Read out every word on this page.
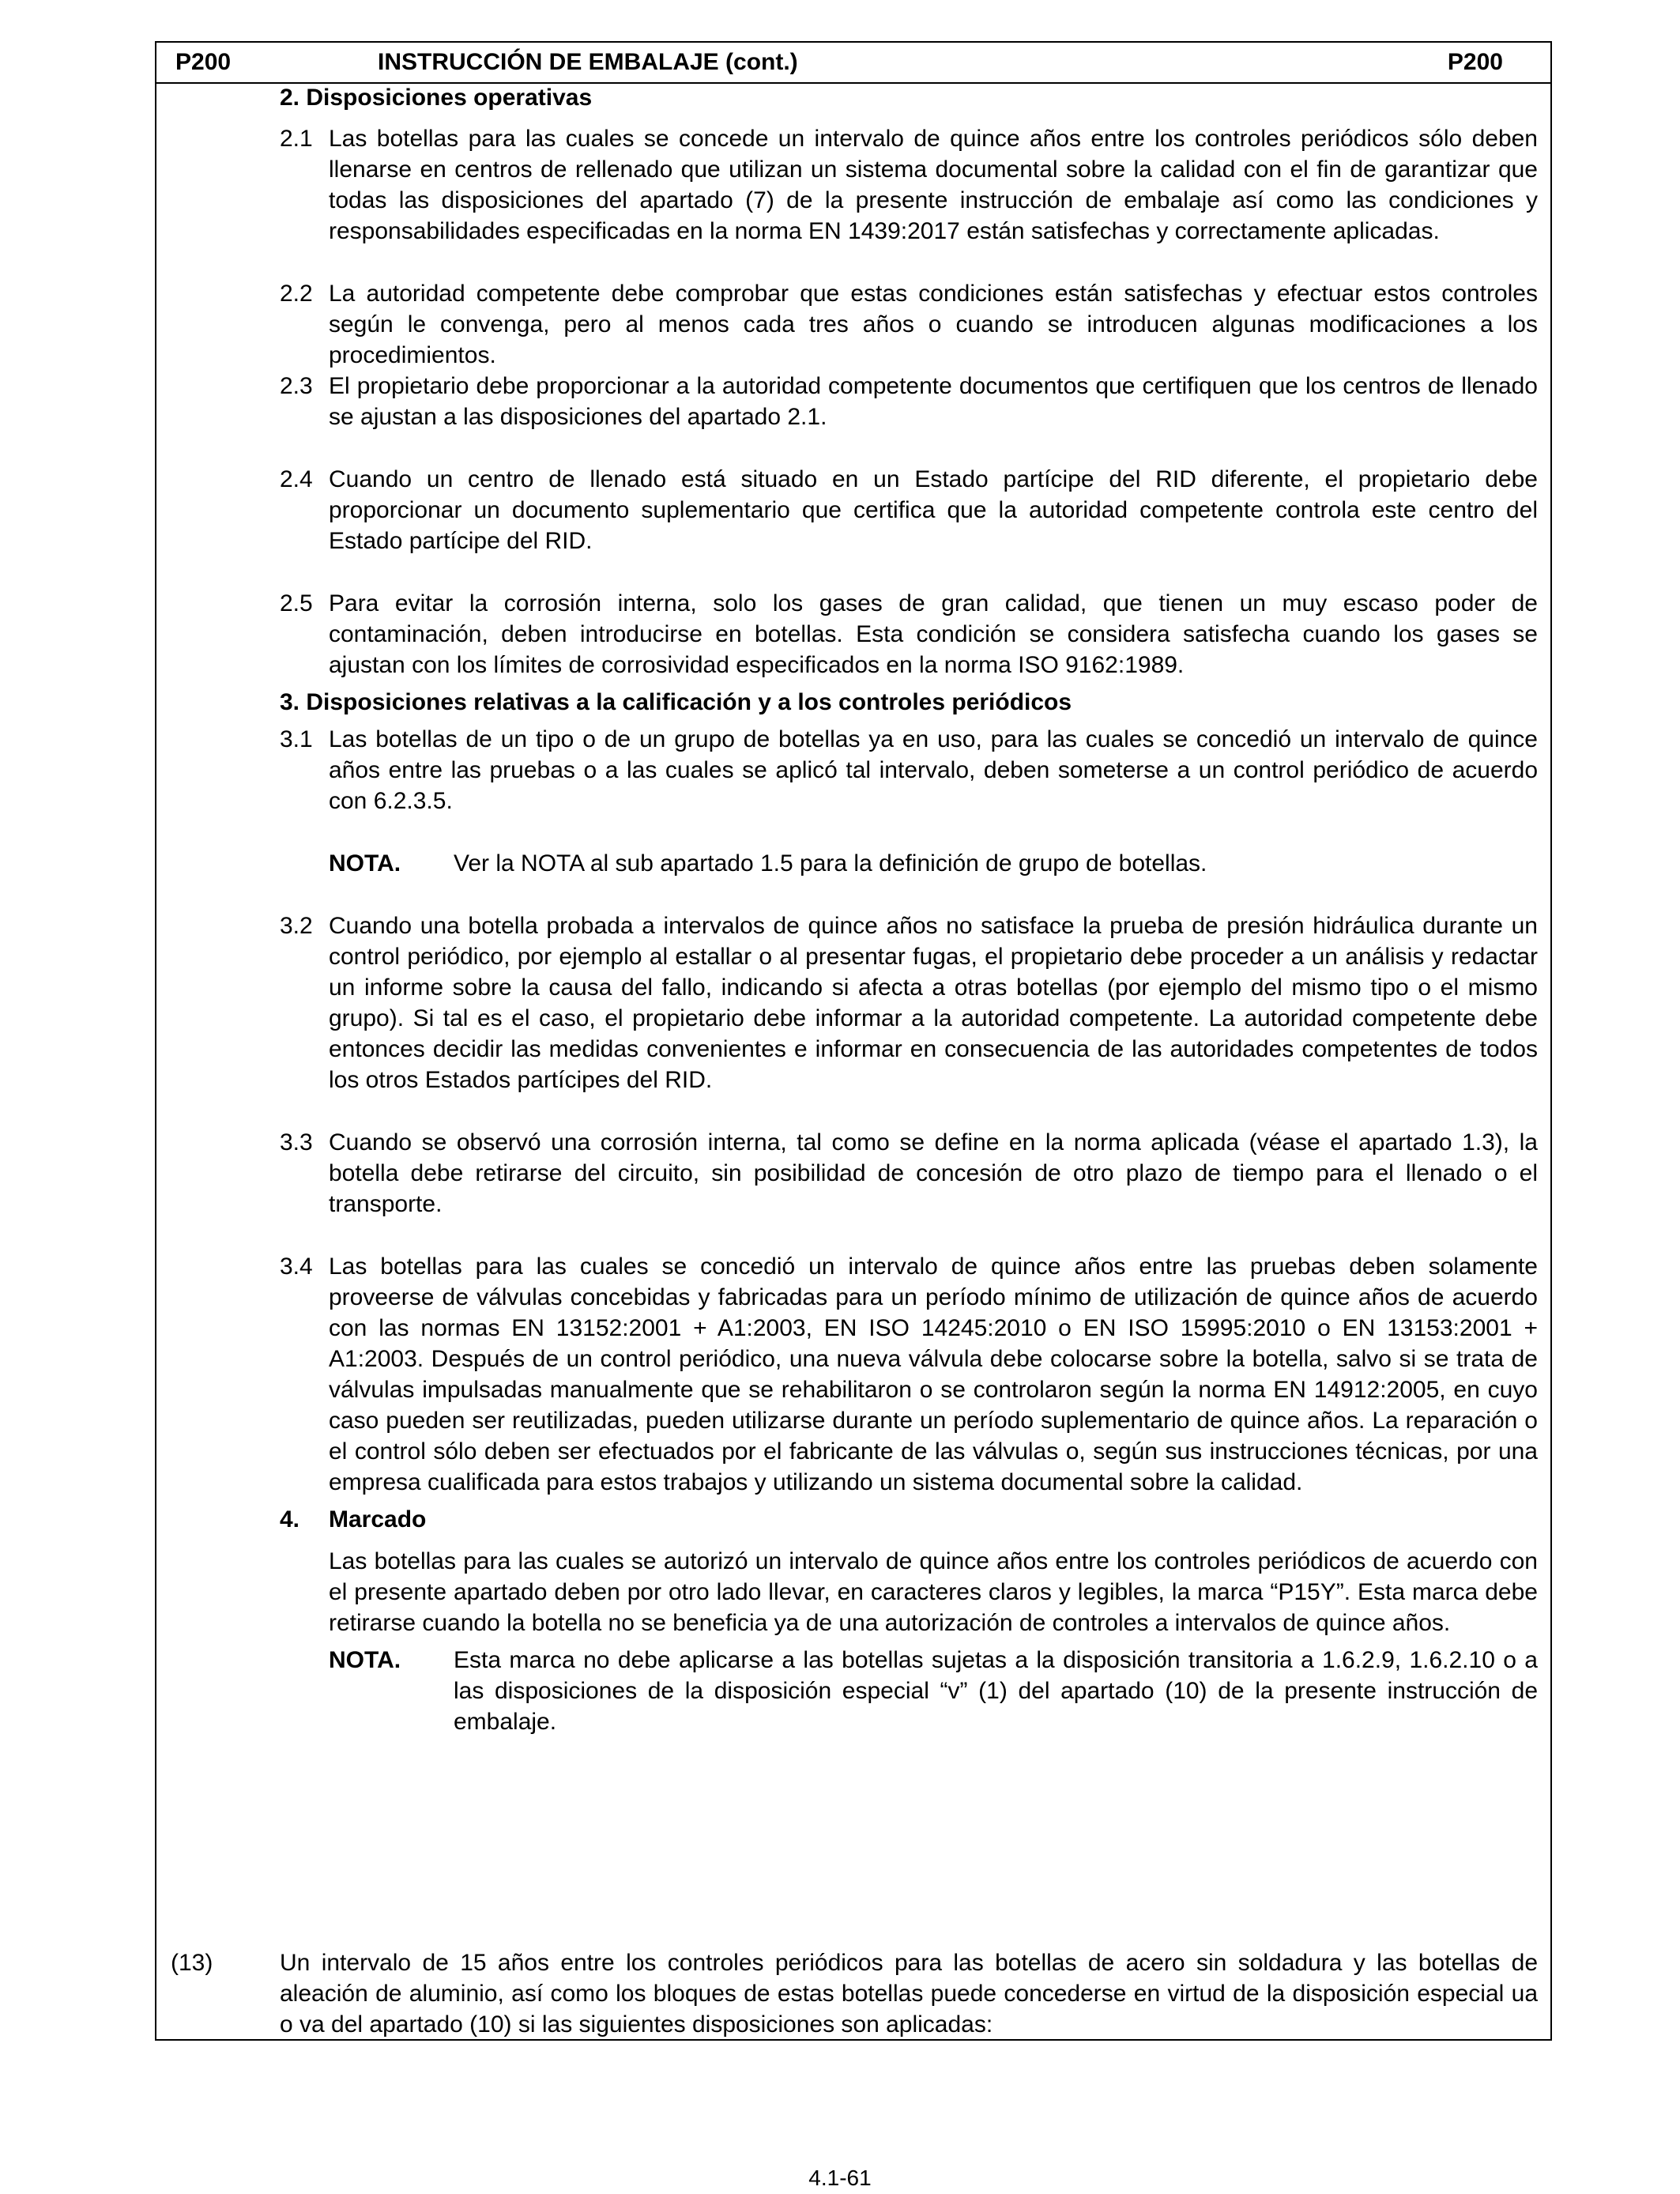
P200	INSTRUCCIÓN DE EMBALAJE (cont.)	P200

2. Disposiciones operativas

2.1 Las botellas para las cuales se concede un intervalo de quince años entre los controles periódicos sólo deben llenarse en centros de rellenado que utilizan un sistema documental sobre la calidad con el fin de garantizar que todas las disposiciones del apartado (7) de la presente instrucción de embalaje así como las condiciones y responsabilidades especificadas en la norma EN 1439:2017 están satisfechas y correctamente aplicadas.
2.2 La autoridad competente debe comprobar que estas condiciones están satisfechas y efectuar estos controles según le convenga, pero al menos cada tres años o cuando se introducen algunas modificaciones a los procedimientos.
2.3 El propietario debe proporcionar a la autoridad competente documentos que certifiquen que los centros de llenado se ajustan a las disposiciones del apartado 2.1.
2.4 Cuando un centro de llenado está situado en un Estado partícipe del RID diferente, el propietario debe proporcionar un documento suplementario que certifica que la autoridad competente controla este centro del Estado partícipe del RID.
2.5 Para evitar la corrosión interna, solo los gases de gran calidad, que tienen un muy escaso poder de contaminación, deben introducirse en botellas. Esta condición se considera satisfecha cuando los gases se ajustan con los límites de corrosividad especificados en la norma ISO 9162:1989.

3. Disposiciones relativas a la calificación y a los controles periódicos

3.1 Las botellas de un tipo o de un grupo de botellas ya en uso, para las cuales se concedió un intervalo de quince años entre las pruebas o a las cuales se aplicó tal intervalo, deben someterse a un control periódico de acuerdo con 6.2.3.5.
NOTA. Ver la NOTA al sub apartado 1.5 para la definición de grupo de botellas.
3.2 Cuando una botella probada a intervalos de quince años no satisface la prueba de presión hidráulica durante un control periódico, por ejemplo al estallar o al presentar fugas, el propietario debe proceder a un análisis y redactar un informe sobre la causa del fallo, indicando si afecta a otras botellas (por ejemplo del mismo tipo o el mismo grupo). Si tal es el caso, el propietario debe informar a la autoridad competente. La autoridad competente debe entonces decidir las medidas convenientes e informar en consecuencia de las autoridades competentes de todos los otros Estados partícipes del RID.
3.3 Cuando se observó una corrosión interna, tal como se define en la norma aplicada (véase el apartado 1.3), la botella debe retirarse del circuito, sin posibilidad de concesión de otro plazo de tiempo para el llenado o el transporte.
3.4 Las botellas para las cuales se concedió un intervalo de quince años entre las pruebas deben solamente proveerse de válvulas concebidas y fabricadas para un período mínimo de utilización de quince años de acuerdo con las normas EN 13152:2001 + A1:2003, EN ISO 14245:2010 o EN ISO 15995:2010 o EN 13153:2001 + A1:2003. Después de un control periódico, una nueva válvula debe colocarse sobre la botella, salvo si se trata de válvulas impulsadas manualmente que se rehabilitaron o se controlaron según la norma EN 14912:2005, en cuyo caso pueden ser reutilizadas, pueden utilizarse durante un período suplementario de quince años. La reparación o el control sólo deben ser efectuados por el fabricante de las válvulas o, según sus instrucciones técnicas, por una empresa cualificada para estos trabajos y utilizando un sistema documental sobre la calidad.
4. Marcado

Las botellas para las cuales se autorizó un intervalo de quince años entre los controles periódicos de acuerdo con el presente apartado deben por otro lado llevar, en caracteres claros y legibles, la marca “P15Y”. Esta marca debe retirarse cuando la botella no se beneficia ya de una autorización de controles a intervalos de quince años.

NOTA. Esta marca no debe aplicarse a las botellas sujetas a la disposición transitoria a 1.6.2.9, 1.6.2.10 o a las disposiciones de la disposición especial “v” (1) del apartado (10) de la presente instrucción de embalaje.
(13)	Un intervalo de 15 años entre los controles periódicos para las botellas de acero sin soldadura y las botellas de aleación de aluminio, así como los bloques de estas botellas puede concederse en virtud de la disposición especial ua o va del apartado (10) si las siguientes disposiciones son aplicadas:
4.1-61
